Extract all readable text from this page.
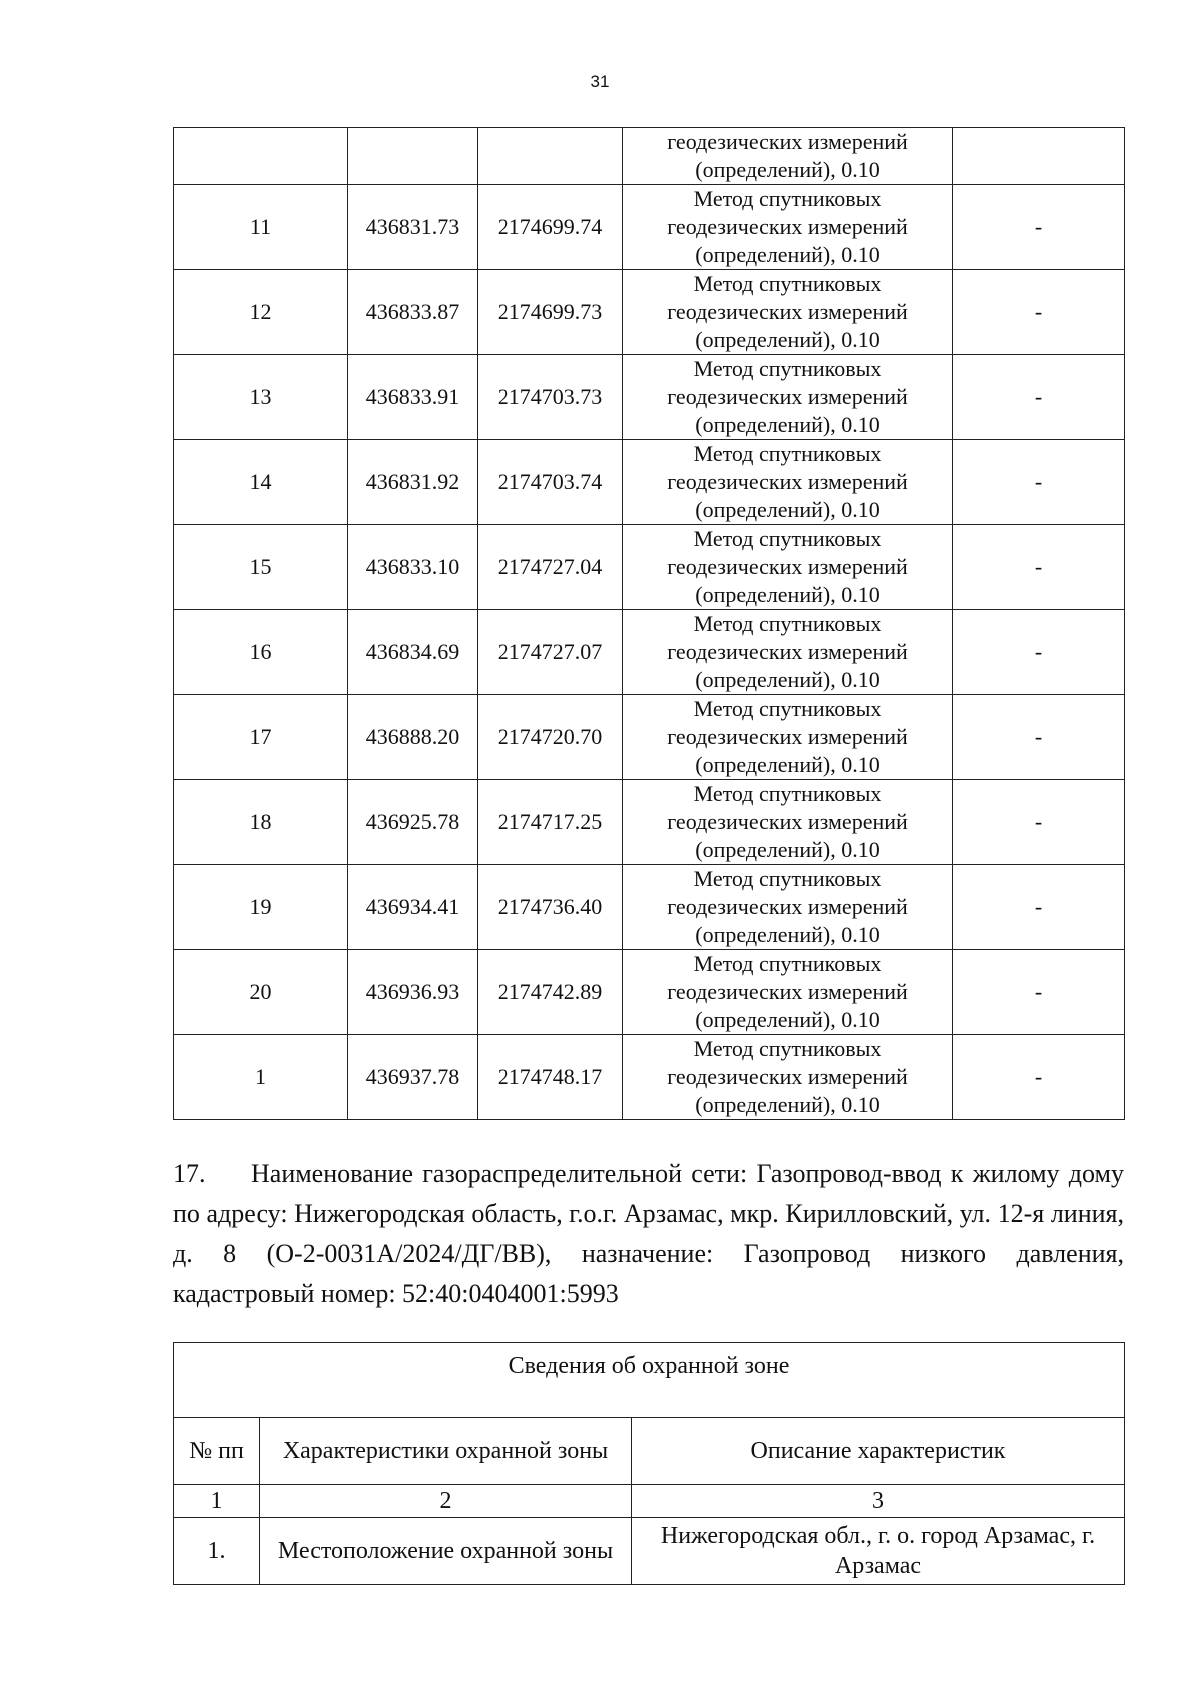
31

			геодезических измерений
(определений), 0.10	

11	436831.73	2174699.74	Метод спутниковых
геодезических измерений
(определений), 0.10	-
12	436833.87	2174699.73	Метод спутниковых
геодезических измерений
(определений), 0.10	-
13	436833.91	2174703.73	Метод спутниковых
геодезических измерений
(определений), 0.10	-
14	436831.92	2174703.74	Метод спутниковых
геодезических измерений
(определений), 0.10	-
15	436833.10	2174727.04	Метод спутниковых
геодезических измерений
(определений), 0.10	-
16	436834.69	2174727.07	Метод спутниковых
геодезических измерений
(определений), 0.10	-
17	436888.20	2174720.70	Метод спутниковых
геодезических измерений
(определений), 0.10	-
18	436925.78	2174717.25	Метод спутниковых
геодезических измерений
(определений), 0.10	-
19	436934.41	2174736.40	Метод спутниковых
геодезических измерений
(определений), 0.10	-
20	436936.93	2174742.89	Метод спутниковых
геодезических измерений
(определений), 0.10	-
1	436937.78	2174748.17	Метод спутниковых
геодезических измерений
(определений), 0.10	-

17. Наименование газораспределительной сети: Газопровод-ввод к жилому дому по адресу: Нижегородская область, г.о.г. Арзамас, мкр. Кирилловский, ул. 12-я линия, д. 8 (О-2-0031А/2024/ДГ/ВВ), назначение: Газопровод низкого давления, кадастровый номер: 52:40:0404001:5993

Сведения об охранной зоне		
№ пп	Характеристики охранной зоны	Описание характеристик
1	2	3
1.	Местоположение охранной зоны	Нижегородская обл., г. о. город Арзамас, г. Арзамас
